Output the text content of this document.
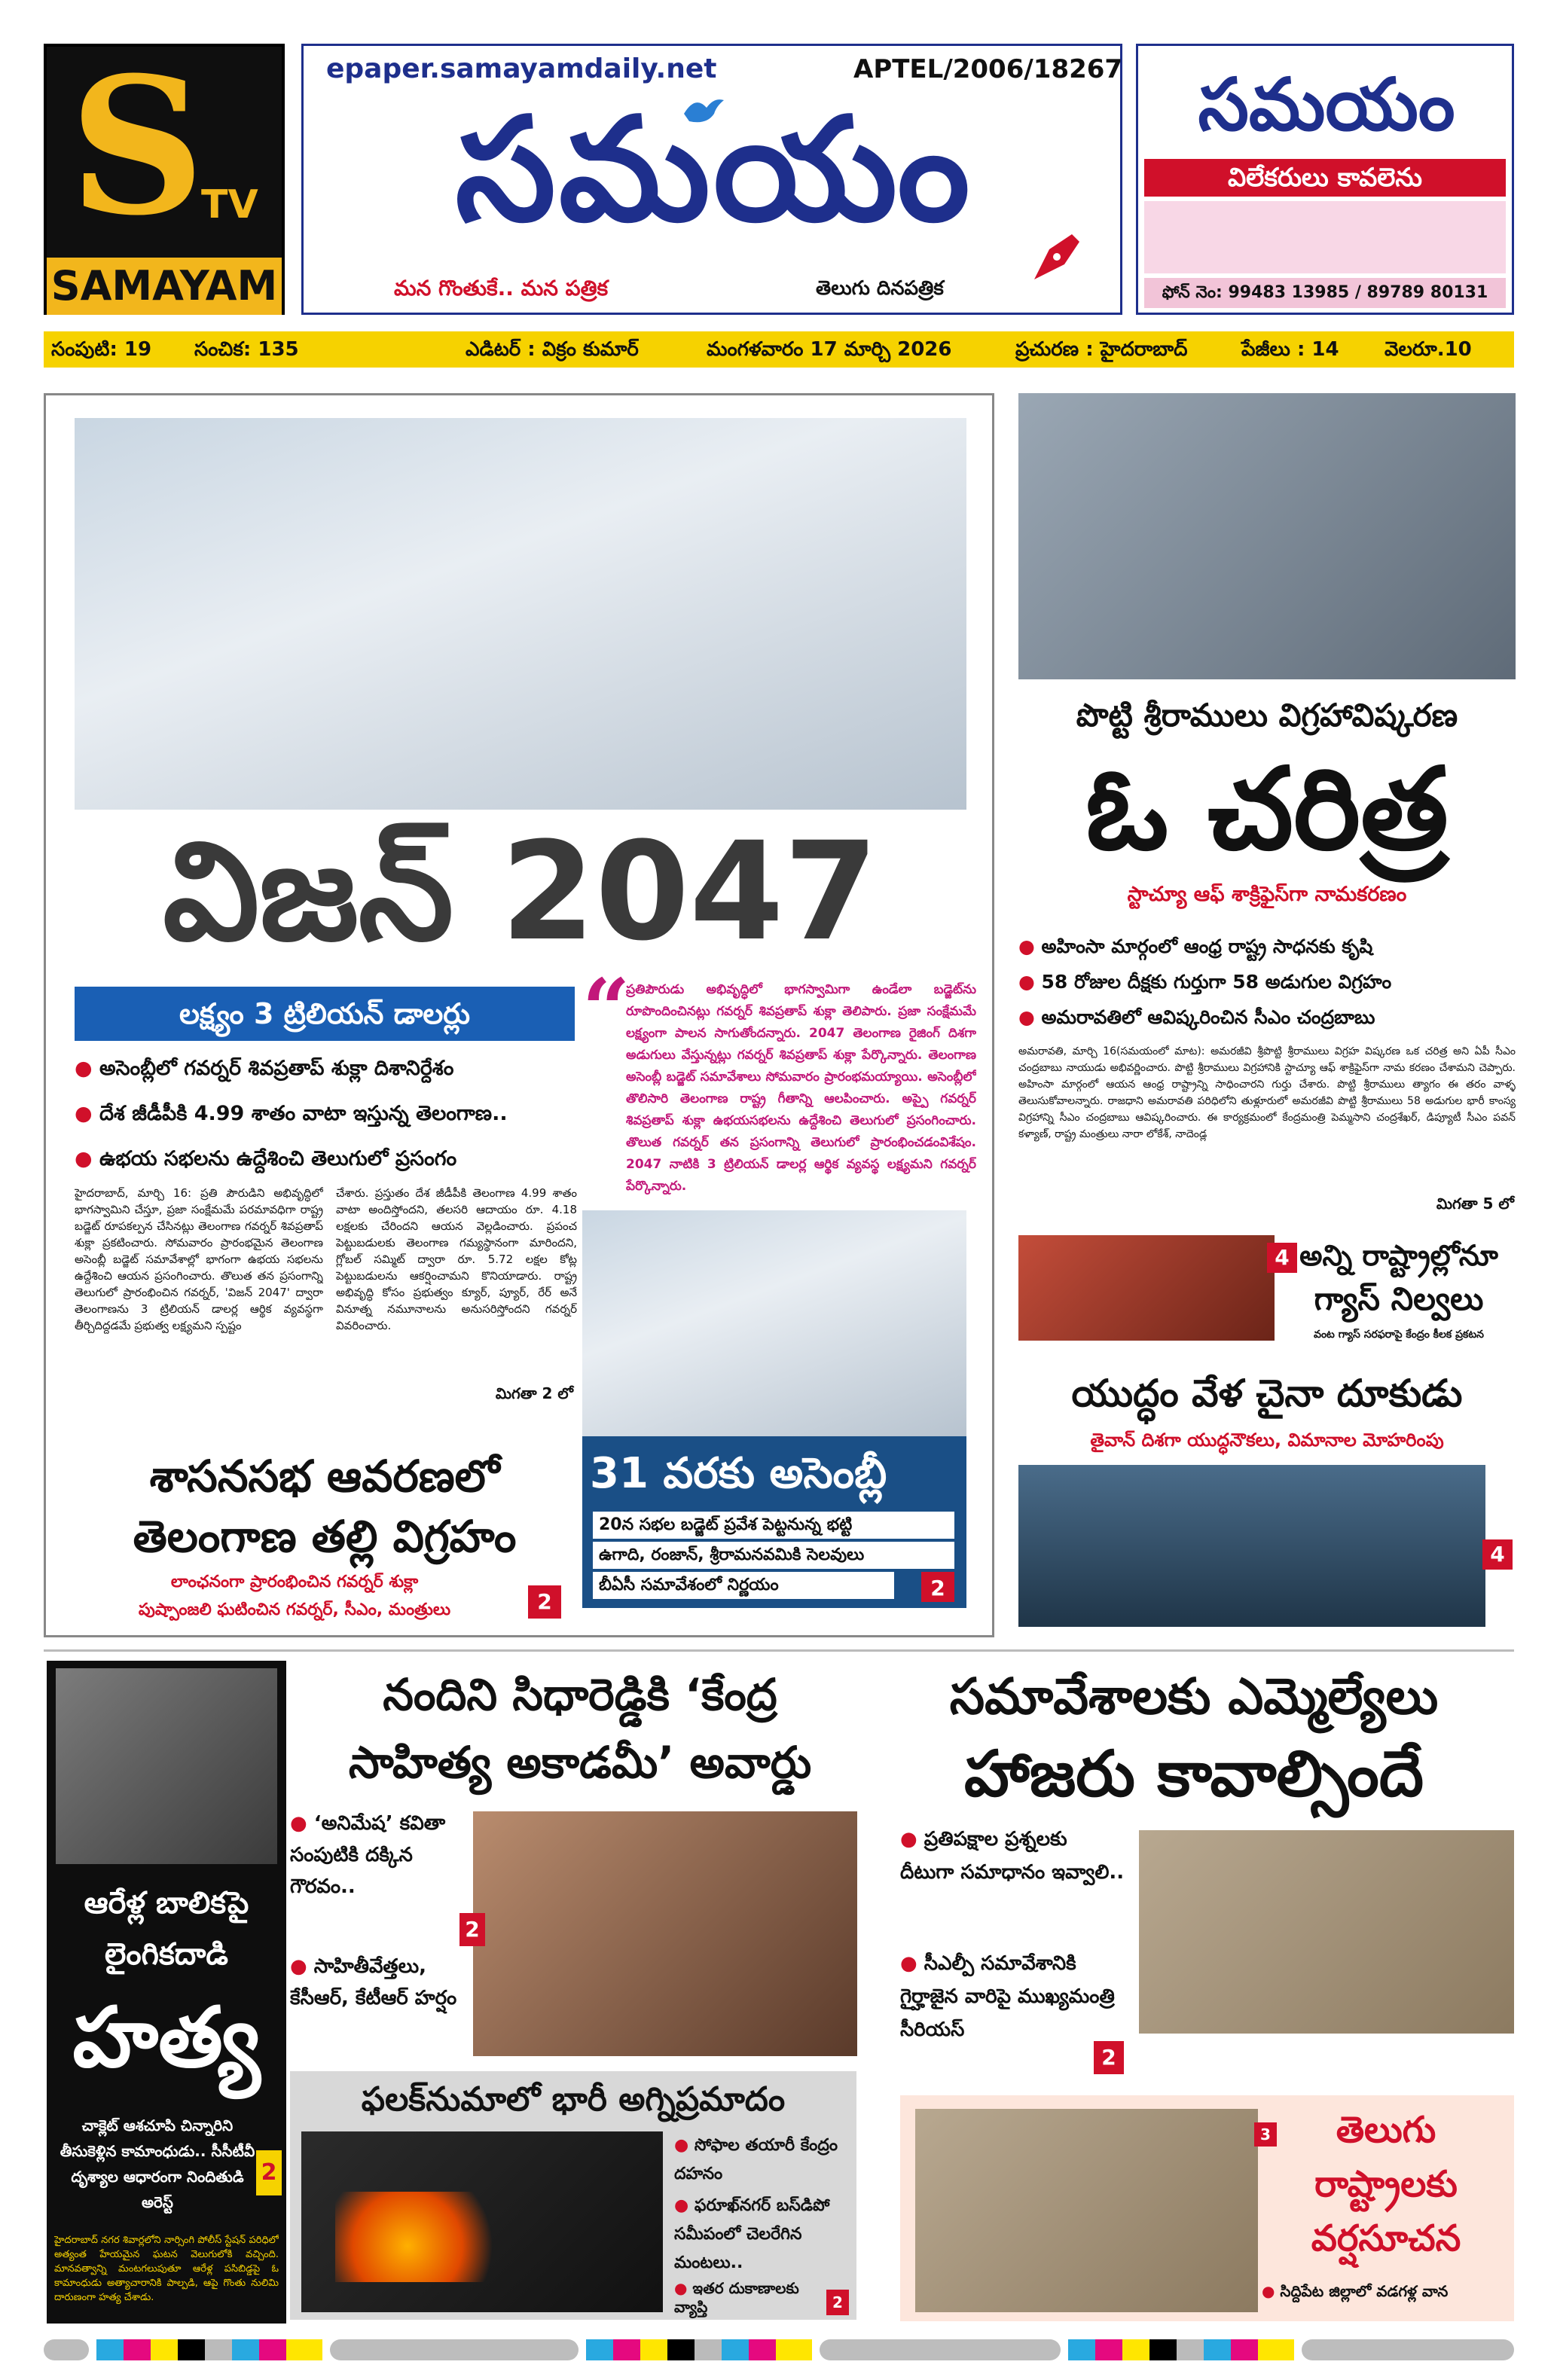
S
TV
SAMAYAM
epaper.samayamdaily.net	APTEL/2006/18267
సమయం
మన గొంతుకే.. మన పత్రిక	తెలుగు దినపత్రిక
సమయం
విలేకరులు కావలెను
ఫోన్ నెం: 99483 13985 / 89789 80131
సంపుటి: 19	సంచిక: 135	ఎడిటర్ : విక్రం కుమార్	మంగళవారం 17 మార్చి 2026	ప్రచురణ : హైదరాబాద్	పేజీలు : 14	వెలరూ.10
విజన్ 2047
లక్ష్యం 3 ట్రిలియన్ డాలర్లు
● అసెంబ్లీలో గవర్నర్ శివప్రతాప్ శుక్లా దిశానిర్దేశం
● దేశ జీడీపీకి 4.99 శాతం వాటా ఇస్తున్న తెలంగాణ..
● ఉభయ సభలను ఉద్దేశించి తెలుగులో ప్రసంగం
హైదరాబాద్, మార్చి 16: ప్రతి పౌరుడిని అభివృద్ధిలో భాగస్వామిని చేస్తూ, ప్రజా సంక్షేమమే పరమావధిగా రాష్ట్ర బడ్జెట్ రూపకల్పన చేసినట్లు తెలంగాణ గవర్నర్ శివప్రతాప్ శుక్లా ప్రకటించారు. సోమవారం ప్రారంభమైన తెలంగాణ అసెంబ్లీ బడ్జెట్ సమావేశాల్లో భాగంగా ఉభయ సభలను ఉద్దేశించి ఆయన ప్రసంగించారు. తొలుత తన ప్రసంగాన్ని తెలుగులో ప్రారంభించిన గవర్నర్, 'విజన్ 2047' ద్వారా తెలంగాణను 3 ట్రిలియన్ డాలర్ల ఆర్థిక వ్యవస్థగా తీర్చిదిద్దడమే ప్రభుత్వ లక్ష్యమని స్పష్టం
చేశారు. ప్రస్తుతం దేశ జీడీపీకి తెలంగాణ 4.99 శాతం వాటా అందిస్తోందని, తలసరి ఆదాయం రూ. 4.18 లక్షలకు చేరిందని ఆయన వెల్లడించారు. ప్రపంచ పెట్టుబడులకు తెలంగాణ గమ్యస్థానంగా మారిందని, గ్లోబల్ సమ్మిట్ ద్వారా రూ. 5.72 లక్షల కోట్ల పెట్టుబడులను ఆకర్షించామని కొనియాడారు. రాష్ట్ర అభివృద్ధి కోసం ప్రభుత్వం క్యూర్, ప్యూర్, రేర్ అనే వినూత్న నమూనాలను అనుసరిస్తోందని గవర్నర్ వివరించారు.
మిగతా 2 లో
“
ప్రతిపౌరుడు అభివృద్ధిలో భాగస్వామిగా ఉండేలా బడ్జెట్‌ను రూపొందించినట్లు గవర్నర్ శివప్రతాప్ శుక్లా తెలిపారు. ప్రజా సంక్షేమమే లక్ష్యంగా పాలన సాగుతోందన్నారు. 2047 తెలంగాణ రైజింగ్ దిశగా అడుగులు వేస్తున్నట్లు గవర్నర్ శివప్రతాప్ శుక్లా పేర్కొన్నారు. తెలంగాణ అసెంబ్లీ బడ్జెట్ సమావేశాలు సోమవారం ప్రారంభమయ్యాయి. అసెంబ్లీలో తొలిసారి తెలంగాణ రాష్ట్ర గీతాన్ని ఆలపించారు. అప్పై గవర్నర్ శివప్రతాప్ శుక్లా ఉభయసభలను ఉద్దేశించి తెలుగులో ప్రసంగించారు. తొలుత గవర్నర్ తన ప్రసంగాన్ని తెలుగులో ప్రారంభించడంవిశేషం. 2047 నాటికి 3 ట్రిలియన్ డాలర్ల ఆర్థిక వ్యవస్థ లక్ష్యమని గవర్నర్ పేర్కొన్నారు.
31 వరకు అసెంబ్లీ
20న సభల బడ్జెట్ ప్రవేశ పెట్టనున్న భట్టి
ఉగాది, రంజాన్, శ్రీరామనవమికి సెలవులు
బీఏసీ సమావేశంలో నిర్ణయం	2
శాసనసభ ఆవరణలో
తెలంగాణ తల్లి విగ్రహం
లాంఛనంగా ప్రారంభించిన గవర్నర్ శుక్లా
పుష్పాంజలి ఘటించిన గవర్నర్, సీఎం, మంత్రులు	2
పొట్టి శ్రీరాములు విగ్రహావిష్కరణ
ఓ చరిత్ర
స్టాచ్యూ ఆఫ్ శాక్రిఫైస్‌గా నామకరణం
● అహింసా మార్గంలో ఆంధ్ర రాష్ట్ర సాధనకు కృషి
● 58 రోజుల దీక్షకు గుర్తుగా 58 అడుగుల విగ్రహం
● అమరావతిలో ఆవిష్కరించిన సీఎం చంద్రబాబు
అమరావతి, మార్చి 16(సమయంలో మాట): అమరజీవి శ్రీపొట్టి శ్రీరాములు విగ్రహ విష్కరణ ఒక చరిత్ర అని ఏపీ సీఎం చంద్రబాబు నాయుడు అభివర్ణించారు. పొట్టి శ్రీరాములు విగ్రహానికి స్టాచ్యూ ఆఫ్ శాక్రిఫైస్‌గా నామ కరణం చేశామని చెప్పారు. అహింసా మార్గంలో ఆయన ఆంధ్ర రాష్ట్రాన్ని సాధించారని గుర్తు చేశారు. పొట్టి శ్రీరాములు త్యాగం ఈ తరం వాళ్ళ తెలుసుకోవాలన్నారు. రాజధాని అమరావతి పరిధిలోని తుళ్లూరులో అమరజీవి పొట్టి శ్రీరాములు 58 అడుగుల భారీ కాంస్య విగ్రహాన్ని సీఎం చంద్రబాబు ఆవిష్కరించారు. ఈ కార్యక్రమంలో కేంద్రమంత్రి పెమ్మసాని చంద్రశేఖర్, డిప్యూటీ సీఎం పవన్ కళ్యాణ్, రాష్ట్ర మంత్రులు నారా లోకేశ్, నాదెండ్ల
మిగతా 5 లో
4 అన్ని రాష్ట్రాల్లోనూ
గ్యాస్ నిల్వలు
వంట గ్యాస్ సరఫరాపై కేంద్రం కీలక ప్రకటన
యుద్ధం వేళ చైనా దూకుడు
తైవాన్ దిశగా యుద్ధనౌకలు, విమానాల మోహరింపు
4
ఆరేళ్ల బాలికపై
లైంగికదాడి
హత్య
చాక్లెట్ ఆశచూపి చిన్నారిని తీసుకెళ్లిన కామాంధుడు.. సీసీటీవీ దృశ్యాల ఆధారంగా నిందితుడి అరెస్ట్
2
హైదరాబాద్ నగర శివార్లలోని నార్సింగి పోలీస్ స్టేషన్ పరిధిలో అత్యంత హేయమైన ఘటన వెలుగులోకి వచ్చింది. మానవత్వాన్ని మంటగలుపుతూ ఆరేళ్ల పసిబిడ్డపై ఓ కామాంధుడు అత్యాచారానికి పాల్పడి, ఆపై గొంతు నులిమి దారుణంగా హత్య చేశాడు.
నందిని సిధారెడ్డికి ‘కేంద్ర
సాహిత్య అకాడమీ’ అవార్డు
● ‘అనిమేష’ కవితా సంపుటికి దక్కిన గౌరవం..
● సాహితీవేత్తలు, కేసీఆర్, కేటీఆర్ హర్షం
2
ఫలక్‌నుమాలో భారీ అగ్నిప్రమాదం
● సోఫాల తయారీ కేంద్రం దహనం
● ఫరూఖ్‌నగర్ బస్‌డిపో సమీపంలో చెలరేగిన మంటలు..
● ఇతర దుకాణాలకు వ్యాప్తి	2
సమావేశాలకు ఎమ్మెల్యేలు
హాజరు కావాల్సిందే
● ప్రతిపక్షాల ప్రశ్నలకు దీటుగా సమాధానం ఇవ్వాలి..
● సీఎల్పీ సమావేశానికి గైర్హాజైన వారిపై ముఖ్యమంత్రి సీరియస్
2
3	తెలుగు
రాష్ట్రాలకు
వర్షసూచన
● సిద్దిపేట జిల్లాలో వడగళ్ల వాన
